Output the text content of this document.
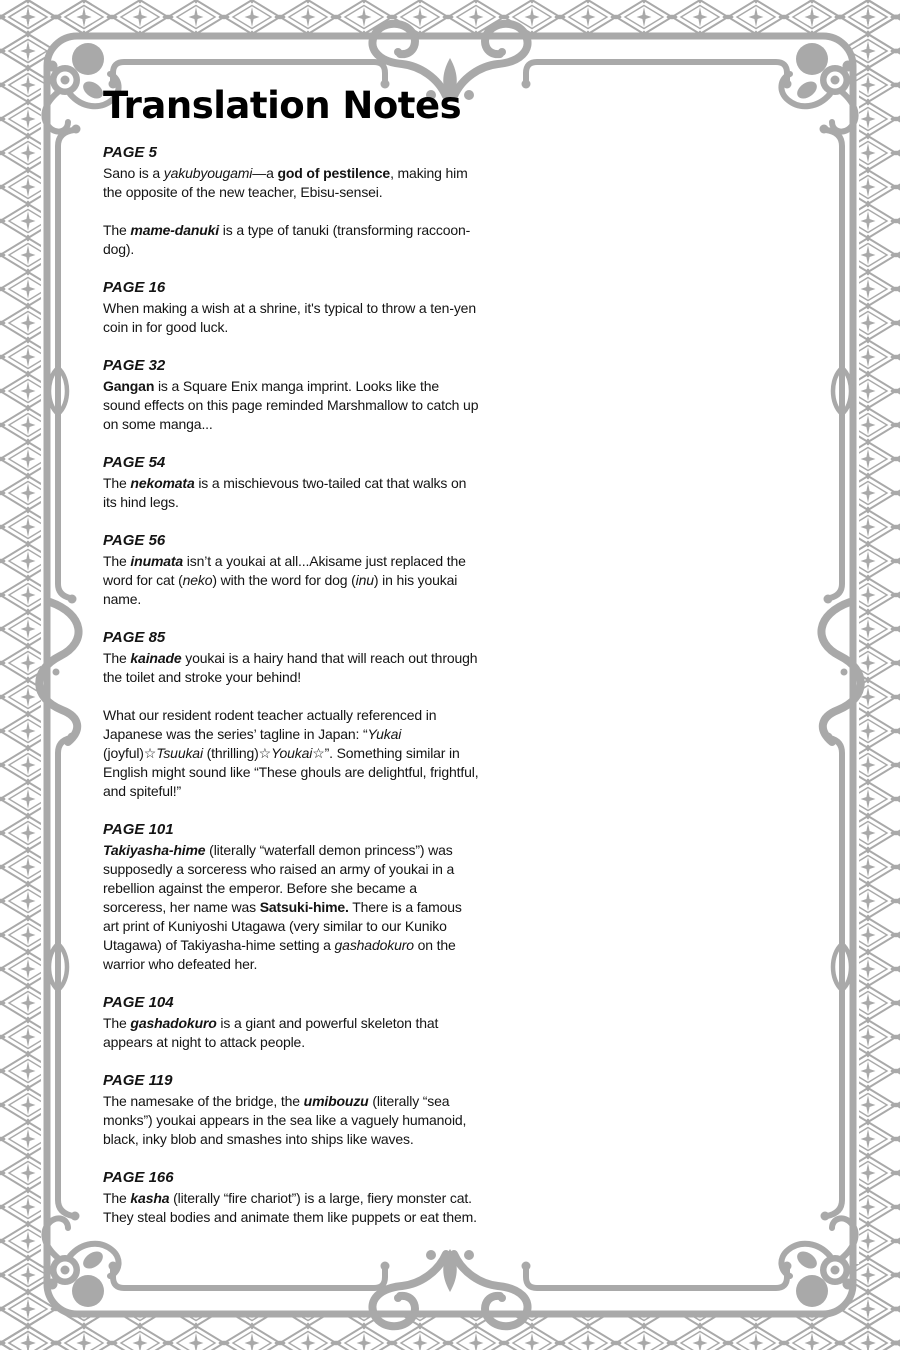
Translation Notes
PAGE 5

Sano is a yakubyougami—a god of pestilence, making him the opposite of the new teacher, Ebisu-sensei.

The mame-danuki is a type of tanuki (transforming raccoon-dog).

PAGE 16

When making a wish at a shrine, it's typical to throw a ten-yen coin in for good luck.

PAGE 32

Gangan is a Square Enix manga imprint. Looks like the sound effects on this page reminded Marshmallow to catch up on some manga...

PAGE 54

The nekomata is a mischievous two-tailed cat that walks on its hind legs.

PAGE 56

The inumata isn’t a youkai at all...Akisame just replaced the word for cat (neko) with the word for dog (inu) in his youkai name.

PAGE 85

The kainade youkai is a hairy hand that will reach out through the toilet and stroke your behind!

What our resident rodent teacher actually referenced in Japanese was the series’ tagline in Japan: “Yukai (joyful)☆Tsuukai (thrilling)☆Youkai☆”. Something similar in English might sound like “These ghouls are delightful, frightful, and spiteful!”

PAGE 101

Takiyasha-hime (literally “waterfall demon princess”) was supposedly a sorceress who raised an army of youkai in a rebellion against the emperor. Before she became a sorceress, her name was Satsuki-hime. There is a famous art print of Kuniyoshi Utagawa (very similar to our Kuniko Utagawa) of Takiyasha-hime setting a gashadokuro on the warrior who defeated her.

PAGE 104

The gashadokuro is a giant and powerful skeleton that appears at night to attack people.

PAGE 119

The namesake of the bridge, the umibouzu (literally “sea monks”) youkai appears in the sea like a vaguely humanoid, black, inky blob and smashes into ships like waves.

PAGE 166

The kasha (literally “fire chariot”) is a large, fiery monster cat. They steal bodies and animate them like puppets or eat them.
